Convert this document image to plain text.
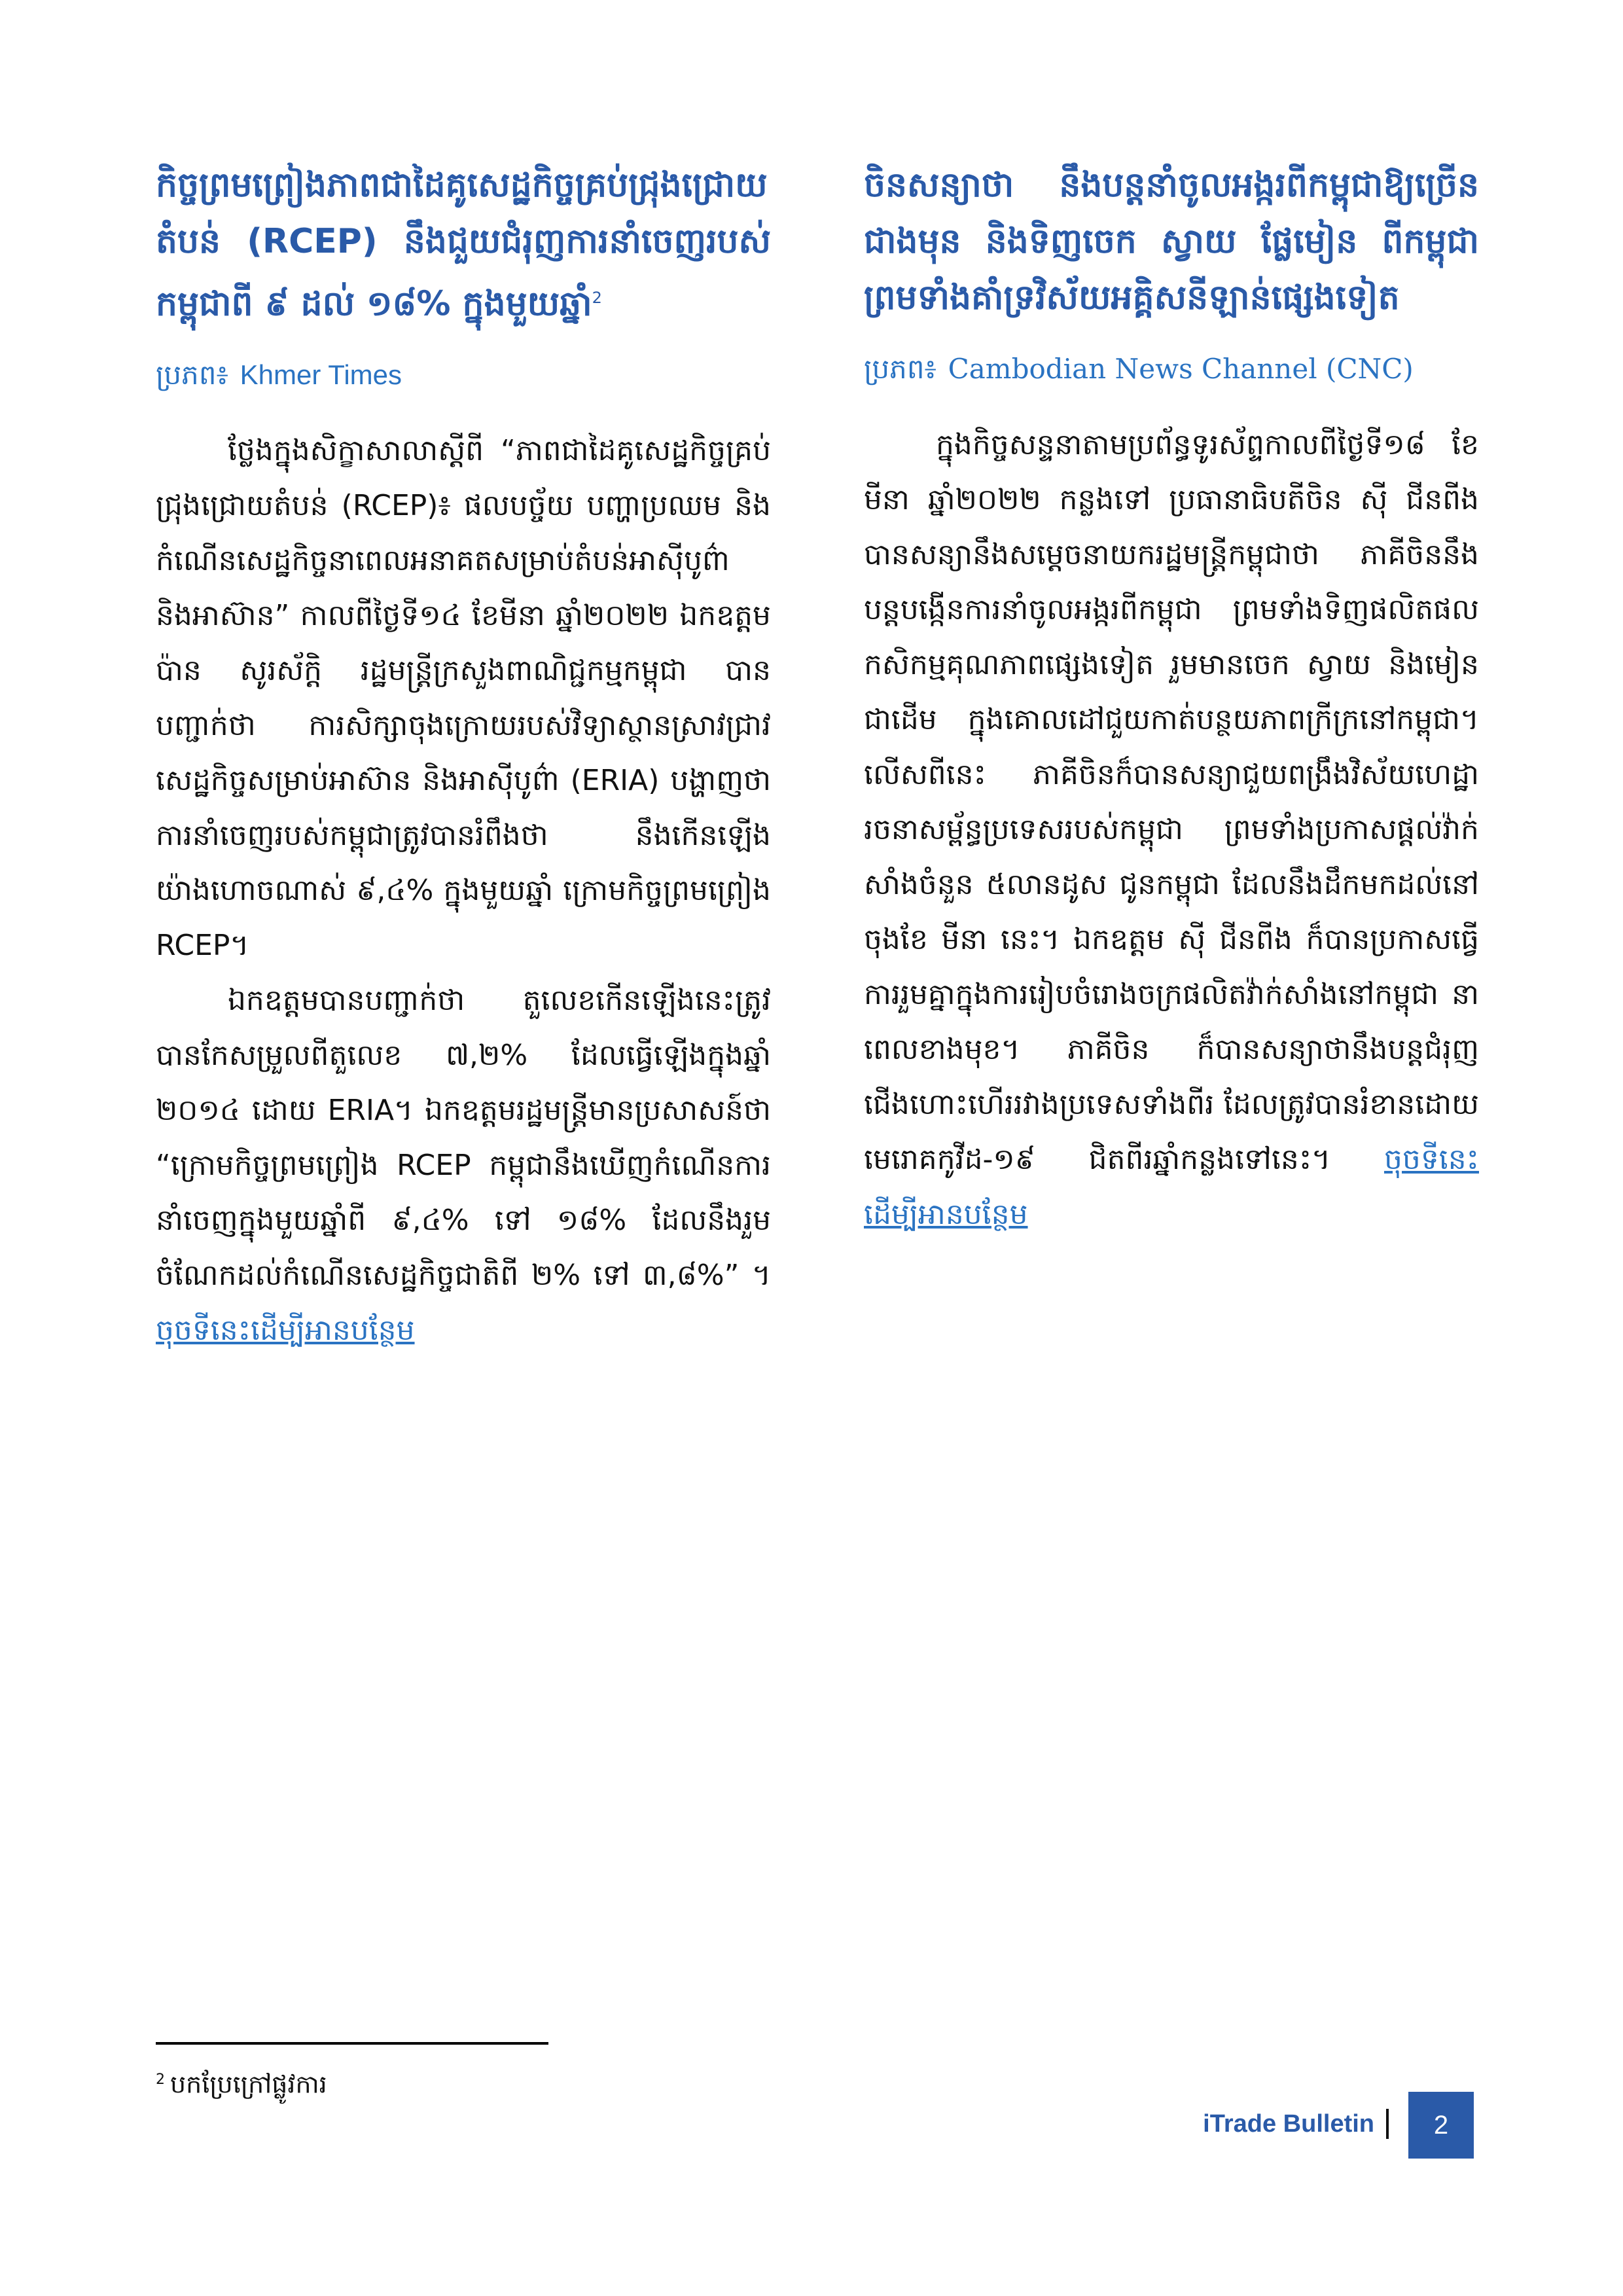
កិច្ចព្រមព្រៀងភាពជាដៃគូសេដ្ឋកិច្ចគ្រប់ជ្រុងជ្រោយតំបន់ (RCEP) នឹងជួយជំរុញការនាំចេញរបស់កម្ពុជាពី ៩ ដល់ ១៨% ក្នុងមួយឆ្នាំ$^2$
ប្រភព៖ Khmer Times

ថ្លែងក្នុងសិក្ខាសាលាស្តីពី “ភាពជាដៃគូសេដ្ឋកិច្ចគ្រប់ជ្រុងជ្រោយតំបន់ (RCEP)៖ ផលបច្ច័យ បញ្ហាប្រឈម និងកំណើនសេដ្ឋកិច្ចនាពេលអនាគតសម្រាប់តំបន់អាស៊ីបូព៌ា និងអាស៊ាន” កាលពីថ្ងៃទី១៤ ខែមីនា ឆ្នាំ២០២២ ឯកឧត្តម ប៉ាន សូរស័ក្តិ រដ្ឋមន្ត្រីក្រសួងពាណិជ្ជកម្មកម្ពុជា បានបញ្ជាក់ថា ការសិក្សាចុងក្រោយរបស់វិទ្យាស្ថានស្រាវជ្រាវសេដ្ឋកិច្ចសម្រាប់អាស៊ាន និងអាស៊ីបូព៌ា (ERIA) បង្ហាញថា ការនាំចេញរបស់កម្ពុជាត្រូវបានរំពឹងថា នឹងកើនឡើងយ៉ាងហោចណាស់ ៩,៤% ក្នុងមួយឆ្នាំ ក្រោមកិច្ចព្រមព្រៀង RCEP។

ឯកឧត្តមបានបញ្ជាក់ថា តួលេខកើនឡើងនេះត្រូវបានកែសម្រួលពីតួលេខ ៧,២% ដែលធ្វើឡើងក្នុងឆ្នាំ ២០១៤ ដោយ ERIA។ ឯកឧត្តមរដ្ឋមន្ត្រីមានប្រសាសន៍ថា “ក្រោមកិច្ចព្រមព្រៀង RCEP កម្ពុជានឹងឃើញកំណើនការនាំចេញក្នុងមួយឆ្នាំពី ៩,៤% ទៅ ១៨% ដែលនឹងរួមចំណែកដល់កំណើនសេដ្ឋកិច្ចជាតិពី ២% ទៅ ៣,៨%” ។ ចុចទីនេះដើម្បីអានបន្ថែម

ចិនសន្យាថា នឹងបន្តនាំចូលអង្ករពីកម្ពុជាឱ្យច្រើនជាងមុន និងទិញចេក ស្វាយ ផ្លែមៀន ពីកម្ពុជា ព្រមទាំងគាំទ្រវិស័យអគ្គិសនីឡាន់ផ្សេងទៀត
ប្រភព៖ Cambodian News Channel (CNC)

ក្នុងកិច្ចសន្ទនាតាមប្រព័ន្ធទូរស័ព្ទកាលពីថ្ងៃទី១៨ ខែមីនា ឆ្នាំ២០២២ កន្លងទៅ ប្រធានាធិបតីចិន ស៊ី ជីនពីង បានសន្យានឹងសម្តេចនាយករដ្ឋមន្ត្រីកម្ពុជាថា ភាគីចិននឹងបន្តបង្កើនការនាំចូលអង្ករពីកម្ពុជា ព្រមទាំងទិញផលិតផលកសិកម្មគុណភាពផ្សេងទៀត រួមមានចេក ស្វាយ និងមៀន ជាដើម ក្នុងគោលដៅជួយកាត់បន្ថយភាពក្រីក្រនៅកម្ពុជា។ លើសពីនេះ ភាគីចិនក៏បានសន្យាជួយពង្រឹងវិស័យហេដ្ឋារចនាសម្ព័ន្ធប្រទេសរបស់កម្ពុជា ព្រមទាំងប្រកាសផ្តល់វ៉ាក់សាំងចំនួន ៥លានដូស ជូនកម្ពុជា ដែលនឹងដឹកមកដល់នៅចុងខែ មីនា នេះ។ ឯកឧត្តម ស៊ី ជីនពីង ក៏បានប្រកាសធ្វើការរួមគ្នាក្នុងការរៀបចំរោងចក្រផលិតវ៉ាក់សាំងនៅកម្ពុជា នាពេលខាងមុខ។ ភាគីចិន ក៏បានសន្យាថានឹងបន្តជំរុញជើងហោះហើររវាងប្រទេសទាំងពីរ ដែលត្រូវបានរំខានដោយមេរោគកូវីដ-១៩ ជិតពីរឆ្នាំកន្លងទៅនេះ។ ចុចទីនេះដើម្បីអានបន្ថែម

$^2$ បកប្រែក្រៅផ្លូវការ
iTrade Bulletin	2
